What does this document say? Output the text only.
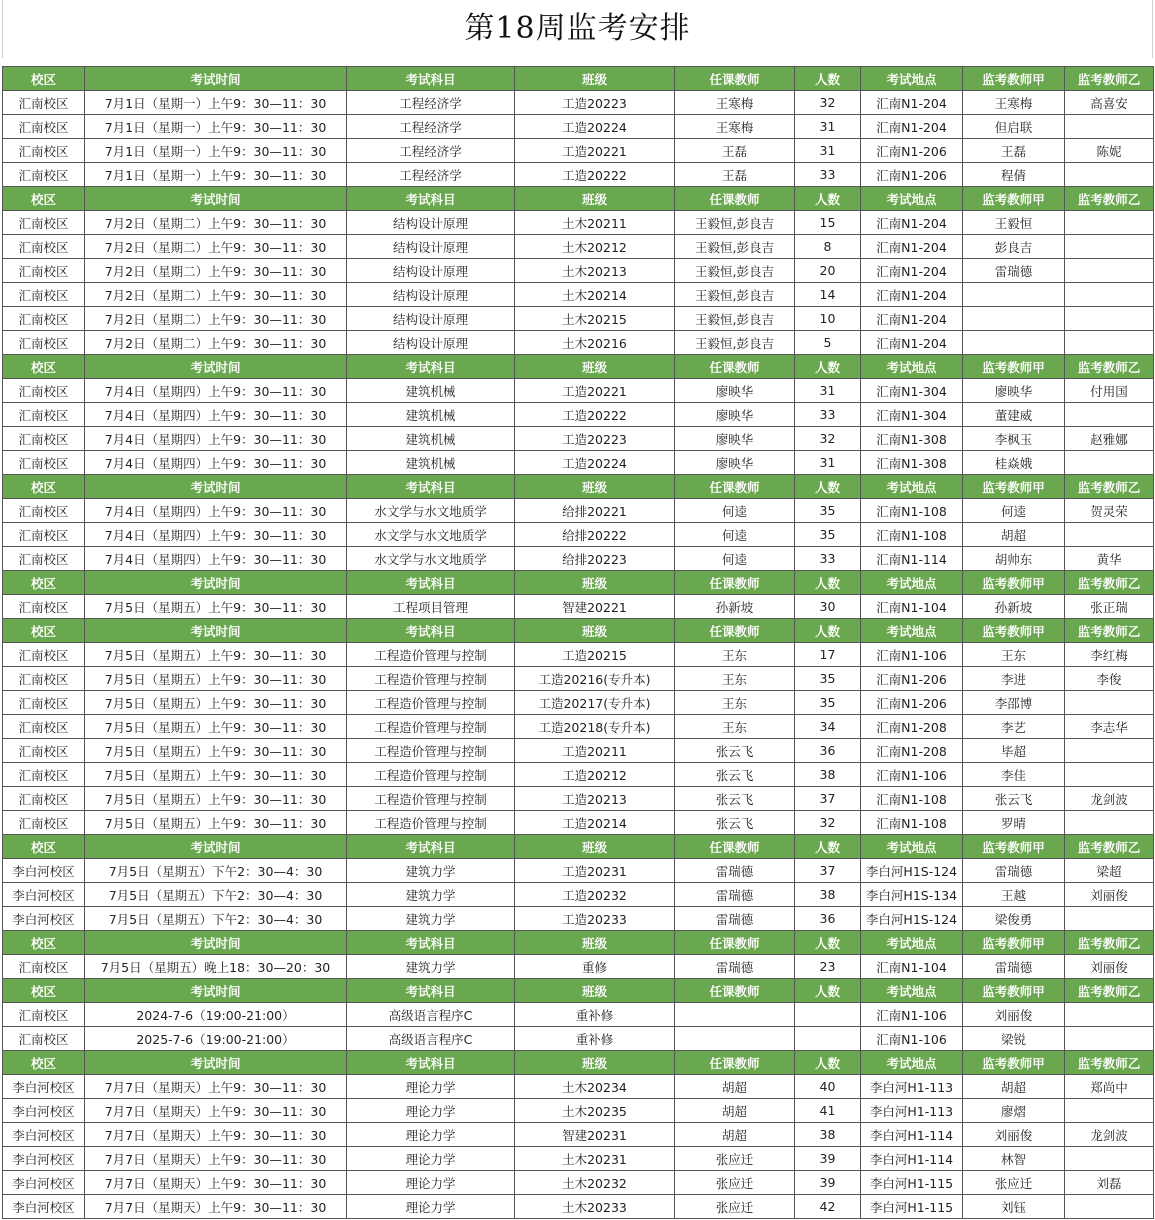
第18周监考安排
校区	考试时间	考试科目	班级	任课教师	人数	考试地点	监考教师甲	监考教师乙
汇南校区	7月1日（星期一）上午9：30—11：30	工程经济学	工造20223	王寒梅	32	汇南N1-204	王寒梅	高喜安
汇南校区	7月1日（星期一）上午9：30—11：30	工程经济学	工造20224	王寒梅	31	汇南N1-204	但启联	
汇南校区	7月1日（星期一）上午9：30—11：30	工程经济学	工造20221	王磊	31	汇南N1-206	王磊	陈妮
汇南校区	7月1日（星期一）上午9：30—11：30	工程经济学	工造20222	王磊	33	汇南N1-206	程倩	
校区	考试时间	考试科目	班级	任课教师	人数	考试地点	监考教师甲	监考教师乙
汇南校区	7月2日（星期二）上午9：30—11：30	结构设计原理	土木20211	王毅恒,彭良吉	15	汇南N1-204	王毅恒	
汇南校区	7月2日（星期二）上午9：30—11：30	结构设计原理	土木20212	王毅恒,彭良吉	8	汇南N1-204	彭良吉	
汇南校区	7月2日（星期二）上午9：30—11：30	结构设计原理	土木20213	王毅恒,彭良吉	20	汇南N1-204	雷瑞德	
汇南校区	7月2日（星期二）上午9：30—11：30	结构设计原理	土木20214	王毅恒,彭良吉	14	汇南N1-204		
汇南校区	7月2日（星期二）上午9：30—11：30	结构设计原理	土木20215	王毅恒,彭良吉	10	汇南N1-204		
汇南校区	7月2日（星期二）上午9：30—11：30	结构设计原理	土木20216	王毅恒,彭良吉	5	汇南N1-204		
校区	考试时间	考试科目	班级	任课教师	人数	考试地点	监考教师甲	监考教师乙
汇南校区	7月4日（星期四）上午9：30—11：30	建筑机械	工造20221	廖映华	31	汇南N1-304	廖映华	付用国
汇南校区	7月4日（星期四）上午9：30—11：30	建筑机械	工造20222	廖映华	33	汇南N1-304	董建威	
汇南校区	7月4日（星期四）上午9：30—11：30	建筑机械	工造20223	廖映华	32	汇南N1-308	李枫玉	赵雅娜
汇南校区	7月4日（星期四）上午9：30—11：30	建筑机械	工造20224	廖映华	31	汇南N1-308	桂焱娥	
校区	考试时间	考试科目	班级	任课教师	人数	考试地点	监考教师甲	监考教师乙
汇南校区	7月4日（星期四）上午9：30—11：30	水文学与水文地质学	给排20221	何逵	35	汇南N1-108	何逵	贺灵荣
汇南校区	7月4日（星期四）上午9：30—11：30	水文学与水文地质学	给排20222	何逵	35	汇南N1-108	胡超	
汇南校区	7月4日（星期四）上午9：30—11：30	水文学与水文地质学	给排20223	何逵	33	汇南N1-114	胡帅东	黄华
校区	考试时间	考试科目	班级	任课教师	人数	考试地点	监考教师甲	监考教师乙
汇南校区	7月5日（星期五）上午9：30—11：30	工程项目管理	智建20221	孙新坡	30	汇南N1-104	孙新坡	张正瑞
校区	考试时间	考试科目	班级	任课教师	人数	考试地点	监考教师甲	监考教师乙
汇南校区	7月5日（星期五）上午9：30—11：30	工程造价管理与控制	工造20215	王东	17	汇南N1-106	王东	李红梅
汇南校区	7月5日（星期五）上午9：30—11：30	工程造价管理与控制	工造20216(专升本)	王东	35	汇南N1-206	李进	李俊
汇南校区	7月5日（星期五）上午9：30—11：30	工程造价管理与控制	工造20217(专升本)	王东	35	汇南N1-206	李邵博	
汇南校区	7月5日（星期五）上午9：30—11：30	工程造价管理与控制	工造20218(专升本)	王东	34	汇南N1-208	李艺	李志华
汇南校区	7月5日（星期五）上午9：30—11：30	工程造价管理与控制	工造20211	张云飞	36	汇南N1-208	毕超	
汇南校区	7月5日（星期五）上午9：30—11：30	工程造价管理与控制	工造20212	张云飞	38	汇南N1-106	李佳	
汇南校区	7月5日（星期五）上午9：30—11：30	工程造价管理与控制	工造20213	张云飞	37	汇南N1-108	张云飞	龙剑波
汇南校区	7月5日（星期五）上午9：30—11：30	工程造价管理与控制	工造20214	张云飞	32	汇南N1-108	罗晴	
校区	考试时间	考试科目	班级	任课教师	人数	考试地点	监考教师甲	监考教师乙
李白河校区	7月5日（星期五）下午2：30—4：30	建筑力学	工造20231	雷瑞德	37	李白河H1S-124	雷瑞德	梁超
李白河校区	7月5日（星期五）下午2：30—4：30	建筑力学	工造20232	雷瑞德	38	李白河H1S-134	王越	刘丽俊
李白河校区	7月5日（星期五）下午2：30—4：30	建筑力学	工造20233	雷瑞德	36	李白河H1S-124	梁俊勇	
校区	考试时间	考试科目	班级	任课教师	人数	考试地点	监考教师甲	监考教师乙
汇南校区	7月5日（星期五）晚上18：30—20：30	建筑力学	重修	雷瑞德	23	汇南N1-104	雷瑞德	刘丽俊
校区	考试时间	考试科目	班级	任课教师	人数	考试地点	监考教师甲	监考教师乙
汇南校区	2024-7-6（19:00-21:00）	高级语言程序C	重补修			汇南N1-106	刘丽俊	
汇南校区	2025-7-6（19:00-21:00）	高级语言程序C	重补修			汇南N1-106	梁锐	
校区	考试时间	考试科目	班级	任课教师	人数	考试地点	监考教师甲	监考教师乙
李白河校区	7月7日（星期天）上午9：30—11：30	理论力学	土木20234	胡超	40	李白河H1-113	胡超	郑尚中
李白河校区	7月7日（星期天）上午9：30—11：30	理论力学	土木20235	胡超	41	李白河H1-113	廖熠	
李白河校区	7月7日（星期天）上午9：30—11：30	理论力学	智建20231	胡超	38	李白河H1-114	刘丽俊	龙剑波
李白河校区	7月7日（星期天）上午9：30—11：30	理论力学	土木20231	张应迁	39	李白河H1-114	林智	
李白河校区	7月7日（星期天）上午9：30—11：30	理论力学	土木20232	张应迁	39	李白河H1-115	张应迁	刘磊
李白河校区	7月7日（星期天）上午9：30—11：30	理论力学	土木20233	张应迁	42	李白河H1-115	刘钰	
